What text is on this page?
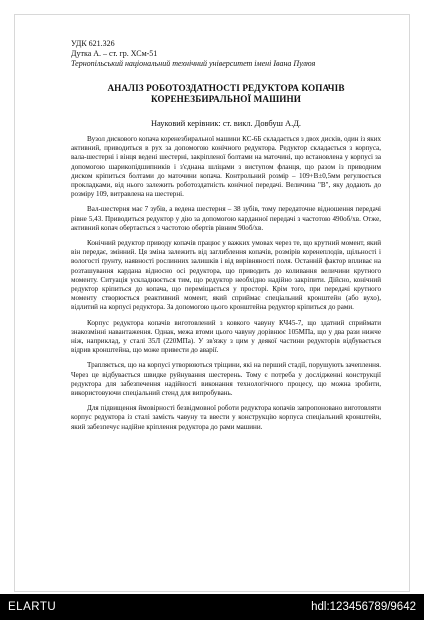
УДК 621.326
Дутка А. – ст. гр. ХСм-51
Тернопільський національний технічний університет імені Івана Пулюя
АНАЛІЗ РОБОТОЗДАТНОСТІ РЕДУКТОРА КОПАЧІВ
КОРЕНЕЗБИРАЛЬНОЇ МАШИНИ
Науковий керівник: ст. викл. Довбуш А.Д.

Вузол дискового копача коренезбиральної машини КС-6Б складається з двох дисків, один із яких активний, приводиться в рух за допомогою конічного редуктора. Редуктор складається з корпуса, вала-шестерні і вінця ведені шестерні, закріпленої болтами на маточині, що встановлена у корпусі за допомогою шарикопідшипників і з'єднана шліцами з виступом фланця, що разом із приводним диском кріпиться болтами до маточини копача. Контрольний розмір – 109+В±0,5мм регулюється прокладками, від нього залежить роботоздатність конічної передачі. Величина "В", яку додають до розміру 109, витравлена на шестерні.

Вал-шестерня має 7 зубів, а ведена шестерня – 38 зубів, тому передаточне відношення передачі рівне 5,43. Приводиться редуктор у дію за допомогою карданної передачі з частотою 490об/хв. Отже, активний копач обертається з частотою обертів рівним 90об/хв.

Конічний редуктор приводу копачів працює у важких умовах через те, що крутний момент, який він передає, змінний. Ця зміна залежить від заглиблення копачів, розмірів коренеплодів, щільності і вологості ґрунту, наявності рослинних залишків і від вирівняності поля. Останній фактор впливає на розташування кардана відносно осі редуктора, що приводить до коливання величини крутного моменту. Ситуація ускладнюється тим, що редуктор необхідно надійно закріпити. Дійсно, конічний редуктор кріпиться до копача, що переміщається у просторі. Крім того, при передачі крутного моменту створюється реактивний момент, який сприймає спеціальний кронштейн (або вухо), відлитий на корпусі редуктора. За допомогою цього кронштейна редуктор кріпиться до рами.

Корпус редуктора копачів виготовлений з ковкого чавуну КЧ45-7, що здатний сприймати знакозмінні навантаження. Однак, межа втоми цього чавуну дорівнює 105МПа, що у два рази нижче ніж, наприклад, у сталі 35Л (220МПа). У зв'язку з цим у деякої частини редукторів відбувається відрив кронштейна, що може привести до аварії.

Трапляється, що на корпусі утворюються тріщини, які на перший стадії, порушують зачеплення. Через це відбувається швидке руйнування шестерень. Тому є потреба у дослідженні конструкції редуктора для забезпечення надійності виконання технологічного процесу, що можна зробити, використовуючи спеціальний стенд для випробувань.

Для підвищення ймовірності безвідмовної роботи редуктора копачів запропоновано виготовляти корпус редуктора із сталі замість чавуну та ввести у конструкцію корпуса спеціальний кронштейн, який забезпечує надійне кріплення редуктора до рами машини.

ELARTU	hdl:123456789/9642
